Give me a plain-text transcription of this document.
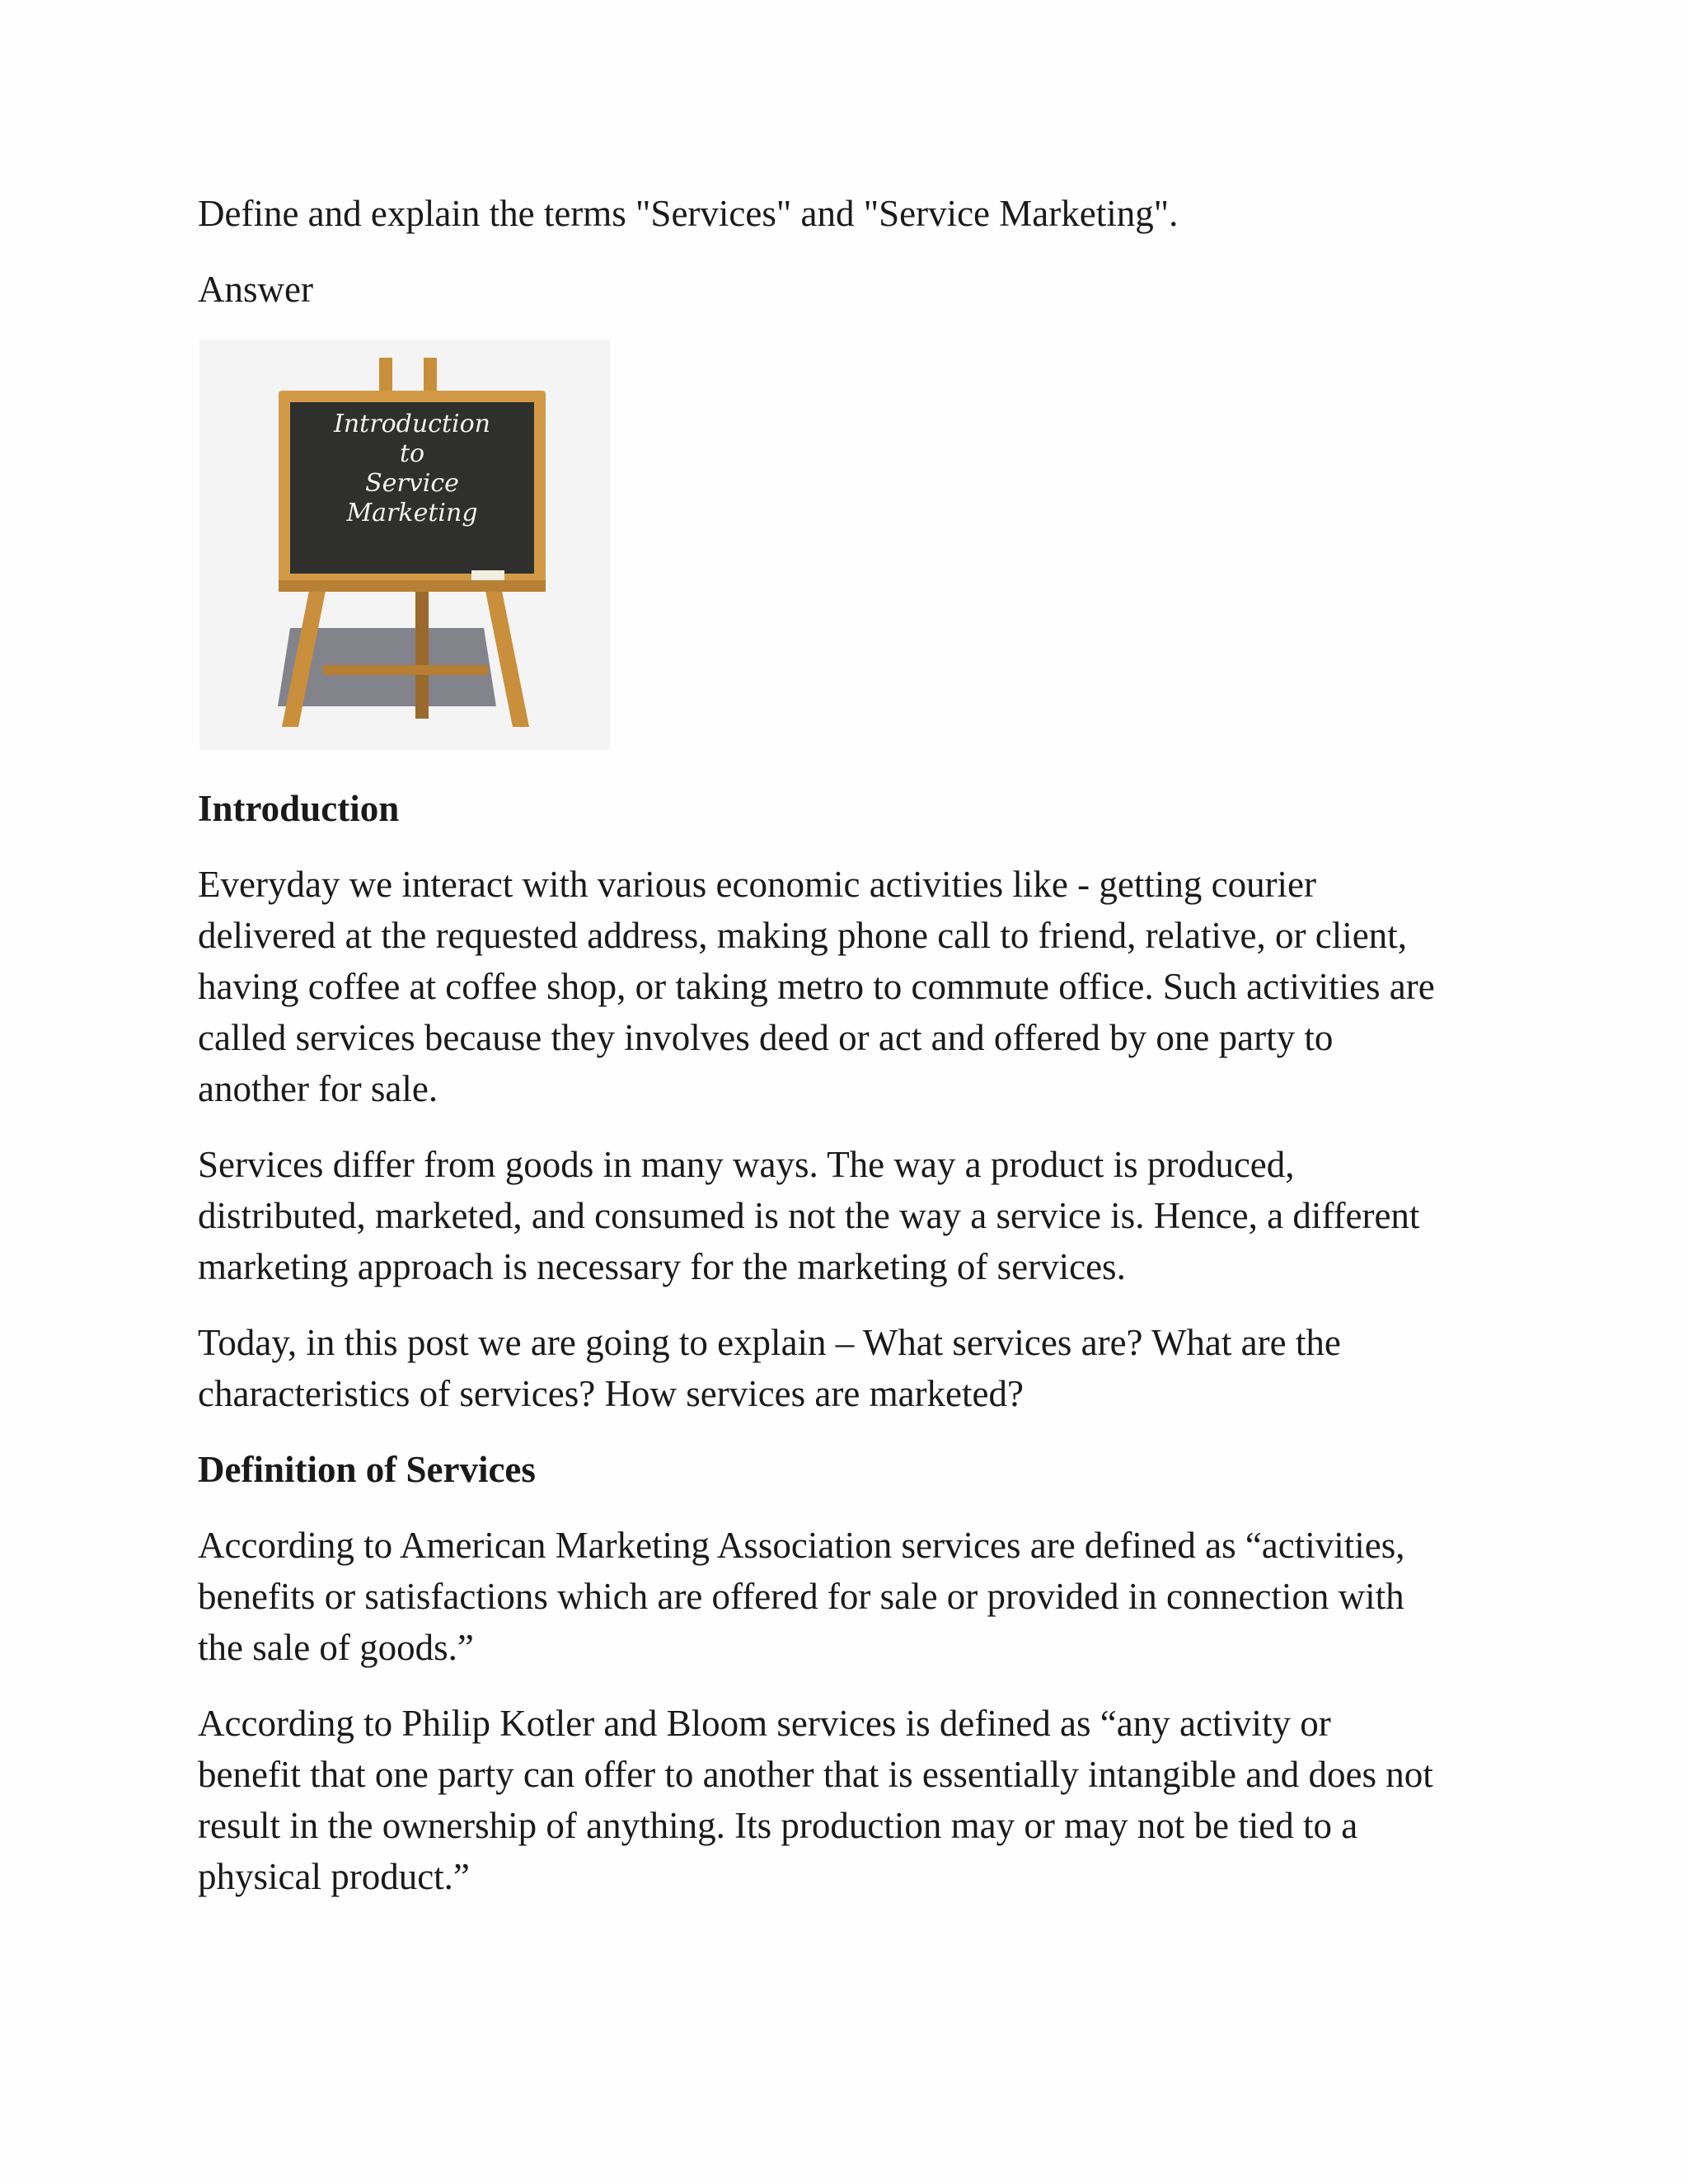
Define and explain the terms "Services" and "Service Marketing".

Answer

Introduction
to
Service
Marketing

Introduction

Everyday we interact with various economic activities like - getting courier

delivered at the requested address, making phone call to friend, relative, or client,

having coffee at coffee shop, or taking metro to commute office. Such activities are

called services because they involves deed or act and offered by one party to

another for sale.

Services differ from goods in many ways. The way a product is produced,

distributed, marketed, and consumed is not the way a service is. Hence, a different

marketing approach is necessary for the marketing of services.

Today, in this post we are going to explain – What services are? What are the

characteristics of services? How services are marketed?

Definition of Services

According to American Marketing Association services are defined as “activities,

benefits or satisfactions which are offered for sale or provided in connection with

the sale of goods.”

According to Philip Kotler and Bloom services is defined as “any activity or

benefit that one party can offer to another that is essentially intangible and does not

result in the ownership of anything. Its production may or may not be tied to a

physical product.”
